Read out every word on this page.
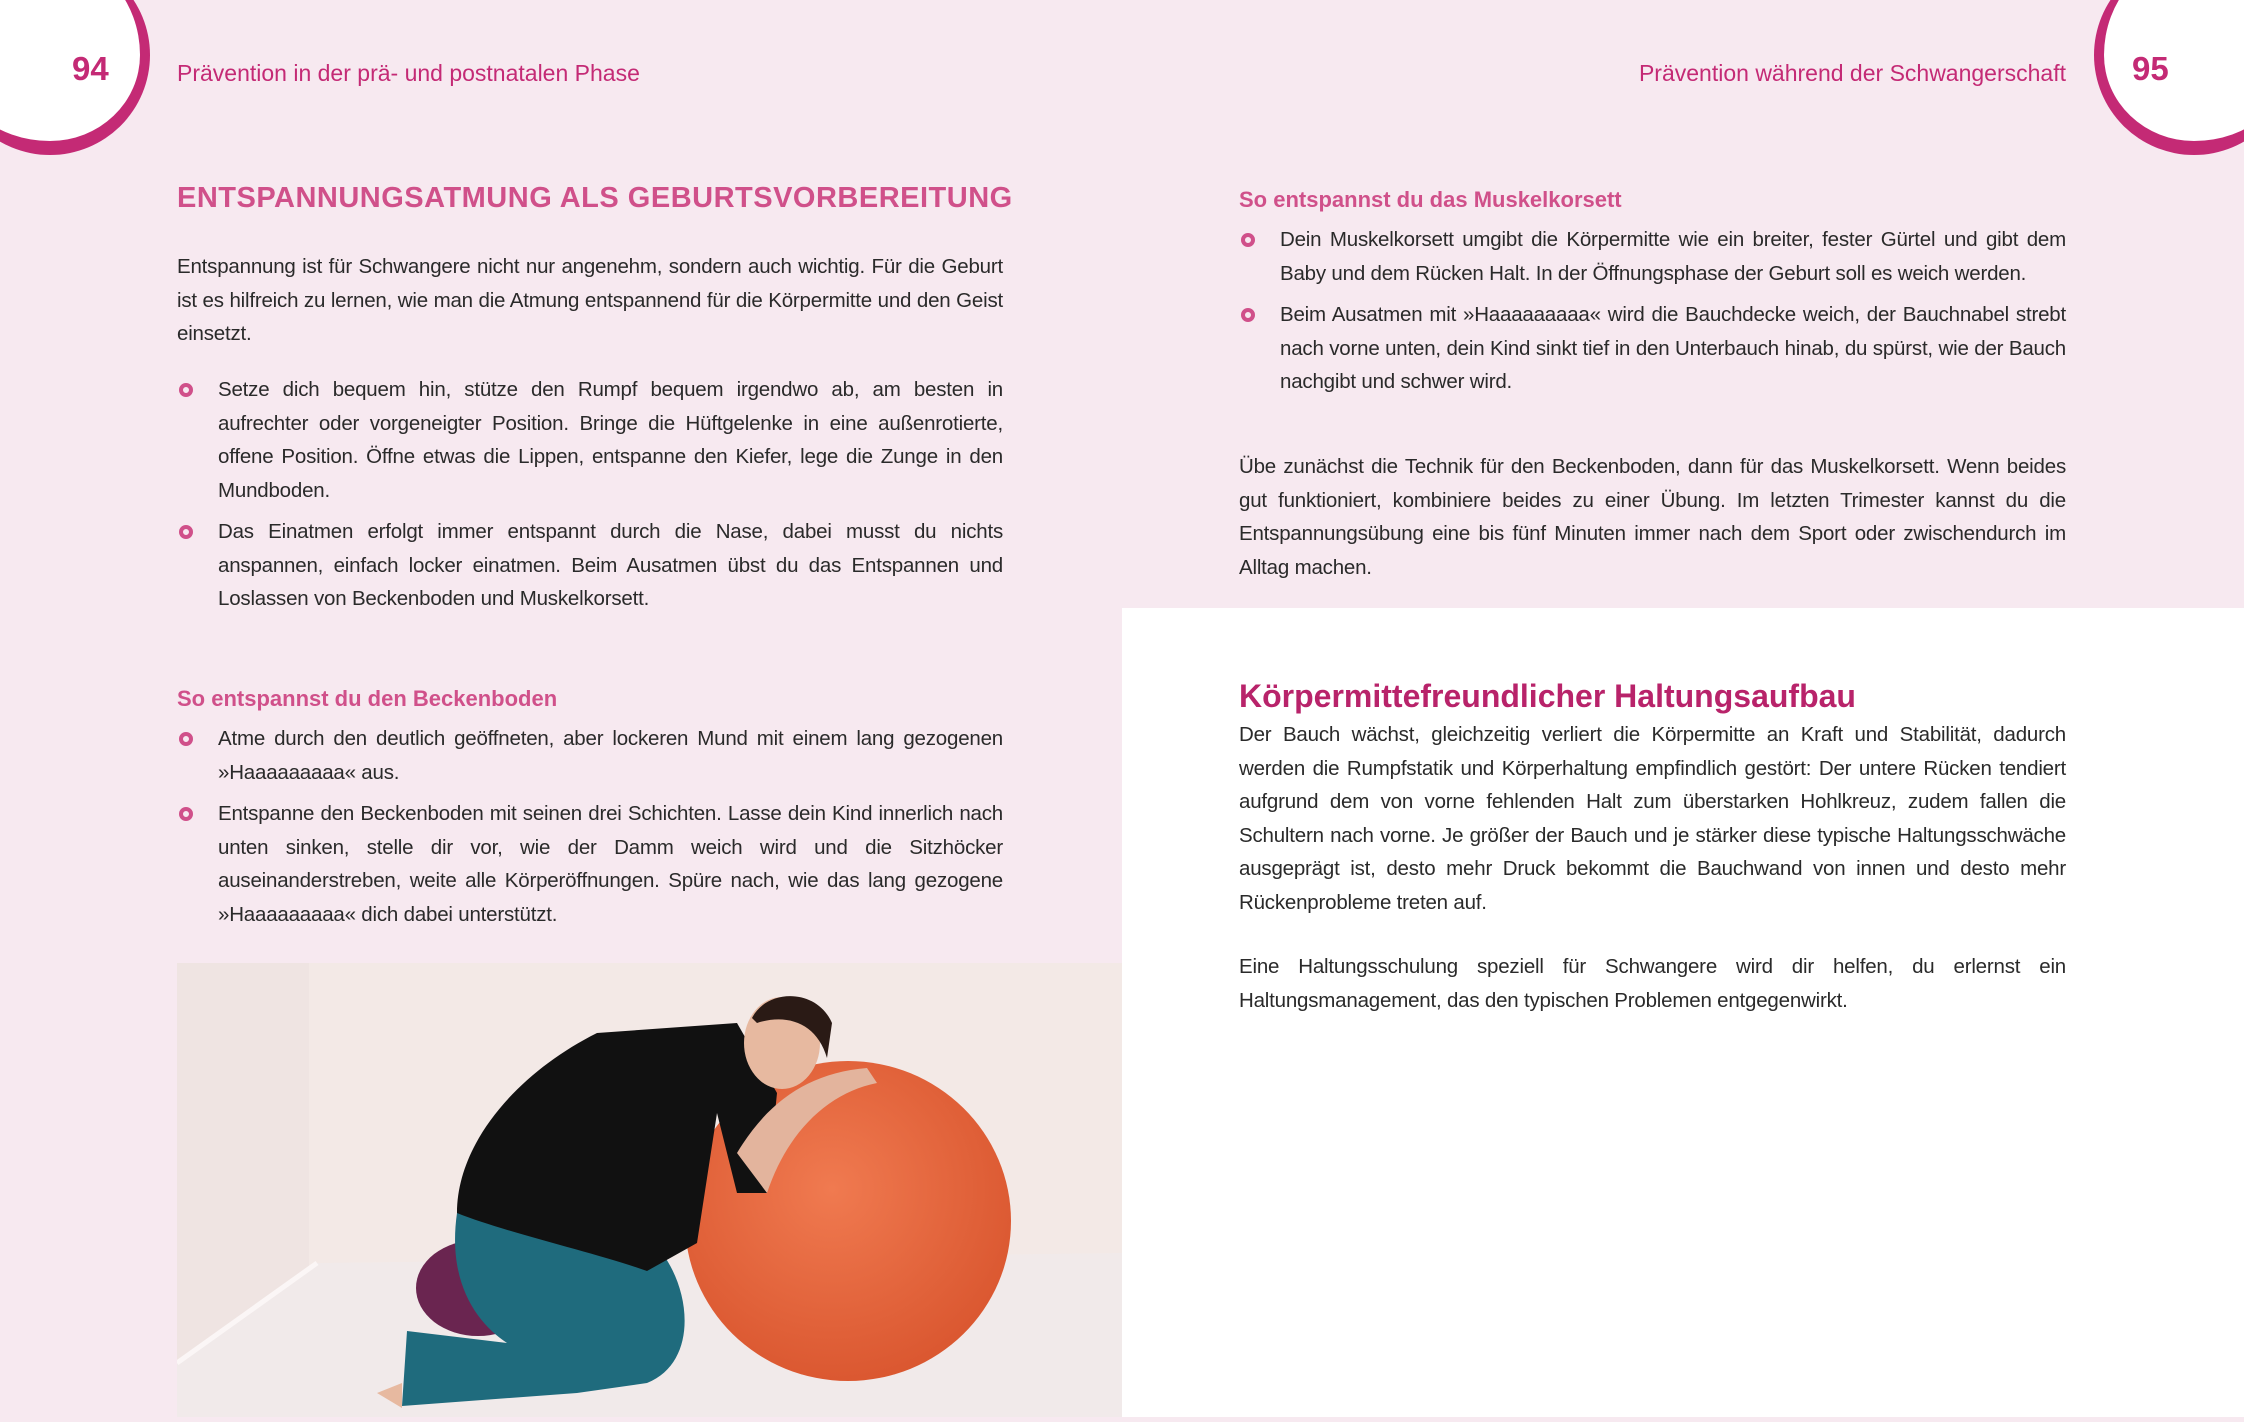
94	Prävention in der prä- und postnatalen Phase	95
Prävention während der Schwangerschaft
ENTSPANNUNGSATMUNG ALS GEBURTSVORBEREITUNG
Entspannung ist für Schwangere nicht nur angenehm, sondern auch wichtig. Für die Geburt ist es hilfreich zu lernen, wie man die Atmung entspannend für die Körpermitte und den Geist einsetzt.
Setze dich bequem hin, stütze den Rumpf bequem irgendwo ab, am besten in aufrechter oder vorgeneigter Position. Bringe die Hüftgelenke in eine außenrotierte, offene Position. Öffne etwas die Lippen, entspanne den Kiefer, lege die Zunge in den Mundboden.
Das Einatmen erfolgt immer entspannt durch die Nase, dabei musst du nichts anspannen, einfach locker einatmen. Beim Ausatmen übst du das Entspannen und Loslassen von Beckenboden und Muskelkorsett.
So entspannst du den Beckenboden
Atme durch den deutlich geöffneten, aber lockeren Mund mit einem lang gezogenen »Haaaaaaaaa« aus.
Entspanne den Beckenboden mit seinen drei Schichten. Lasse dein Kind innerlich nach unten sinken, stelle dir vor, wie der Damm weich wird und die Sitzhöcker auseinanderstreben, weite alle Körperöffnungen. Spüre nach, wie das lang gezogene »Haaaaaaaaa« dich dabei unterstützt.
So entspannst du das Muskelkorsett
Dein Muskelkorsett umgibt die Körpermitte wie ein breiter, fester Gürtel und gibt dem Baby und dem Rücken Halt. In der Öffnungsphase der Geburt soll es weich werden.
Beim Ausatmen mit »Haaaaaaaaa« wird die Bauchdecke weich, der Bauchnabel strebt nach vorne unten, dein Kind sinkt tief in den Unterbauch hinab, du spürst, wie der Bauch nachgibt und schwer wird.
Übe zunächst die Technik für den Beckenboden, dann für das Muskelkorsett. Wenn beides gut funktioniert, kombiniere beides zu einer Übung. Im letzten Trimester kannst du die Entspannungsübung eine bis fünf Minuten immer nach dem Sport oder zwischendurch im Alltag machen.
Körpermittefreundlicher Haltungsaufbau
Der Bauch wächst, gleichzeitig verliert die Körpermitte an Kraft und Stabilität, dadurch werden die Rumpfstatik und Körperhaltung empfindlich gestört: Der untere Rücken tendiert aufgrund dem von vorne fehlenden Halt zum überstarken Hohlkreuz, zudem fallen die Schultern nach vorne. Je größer der Bauch und je stärker diese typische Haltungsschwäche ausgeprägt ist, desto mehr Druck bekommt die Bauchwand von innen und desto mehr Rückenprobleme treten auf.
Eine Haltungsschulung speziell für Schwangere wird dir helfen, du erlernst ein Haltungsmanagement, das den typischen Problemen entgegenwirkt.
